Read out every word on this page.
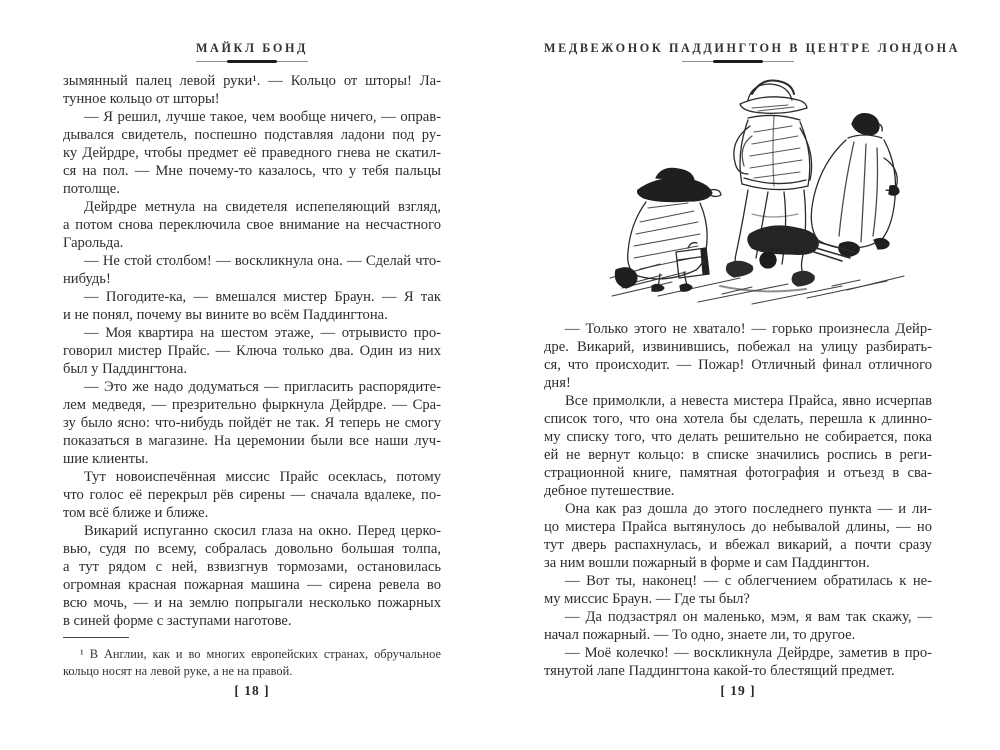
МАЙКЛ БОНД
зымянный палец левой руки¹. — Кольцо от шторы! Ла-
тунное кольцо от шторы!
— Я решил, лучше такое, чем вообще ничего, — оправ-
дывался свидетель, поспешно подставляя ладони под ру-
ку Дейрдре, чтобы предмет её праведного гнева не скатил-
ся на пол. — Мне почему-то казалось, что у тебя пальцы
потолще.
Дейрдре метнула на свидетеля испепеляющий взгляд,
а потом снова переключила свое внимание на несчастного
Гарольда.
— Не стой столбом! — воскликнула она. — Сделай что-
нибудь!
— Погодите-ка, — вмешался мистер Браун. — Я так
и не понял, почему вы вините во всём Паддингтона.
— Моя квартира на шестом этаже, — отрывисто про-
говорил мистер Прайс. — Ключа только два. Один из них
был у Паддингтона.
— Это же надо додуматься — пригласить распорядите-
лем медведя, — презрительно фыркнула Дейрдре. — Сра-
зу было ясно: что-нибудь пойдёт не так. Я теперь не смогу
показаться в магазине. На церемонии были все наши луч-
шие клиенты.
Тут новоиспечённая миссис Прайс осеклась, потому
что голос её перекрыл рёв сирены — сначала вдалеке, по-
том всё ближе и ближе.
Викарий испуганно скосил глаза на окно. Перед церко-
вью, судя по всему, собралась довольно большая толпа,
а тут рядом с ней, взвизгнув тормозами, остановилась
огромная красная пожарная машина — сирена ревела во
всю мочь, — и на землю попрыгали несколько пожарных
в синей форме с заступами наготове.
¹ В Англии, как и во многих европейских странах, обручальное
кольцо носят на левой руке, а не на правой.
[ 18 ]
МЕДВЕЖОНОК ПАДДИНГТОН В ЦЕНТРЕ ЛОНДОНА
— Только этого не хватало! — горько произнесла Дейр-
дре. Викарий, извинившись, побежал на улицу разбирать-
ся, что происходит. — Пожар! Отличный финал отличного
дня!
Все примолкли, а невеста мистера Прайса, явно исчерпав
список того, что она хотела бы сделать, перешла к длинно-
му списку того, что делать решительно не собирается, пока
ей не вернут кольцо: в списке значились роспись в реги-
страционной книге, памятная фотография и отъезд в сва-
дебное путешествие.
Она как раз дошла до этого последнего пункта — и ли-
цо мистера Прайса вытянулось до небывалой длины, — но
тут дверь распахнулась, и вбежал викарий, а почти сразу
за ним вошли пожарный в форме и сам Паддингтон.
— Вот ты, наконец! — с облегчением обратилась к не-
му миссис Браун. — Где ты был?
— Да подзастрял он маленько, мэм, я вам так скажу, —
начал пожарный. — То одно, знаете ли, то другое.
— Моё колечко! — воскликнула Дейрдре, заметив в про-
тянутой лапе Паддингтона какой-то блестящий предмет.
[ 19 ]
